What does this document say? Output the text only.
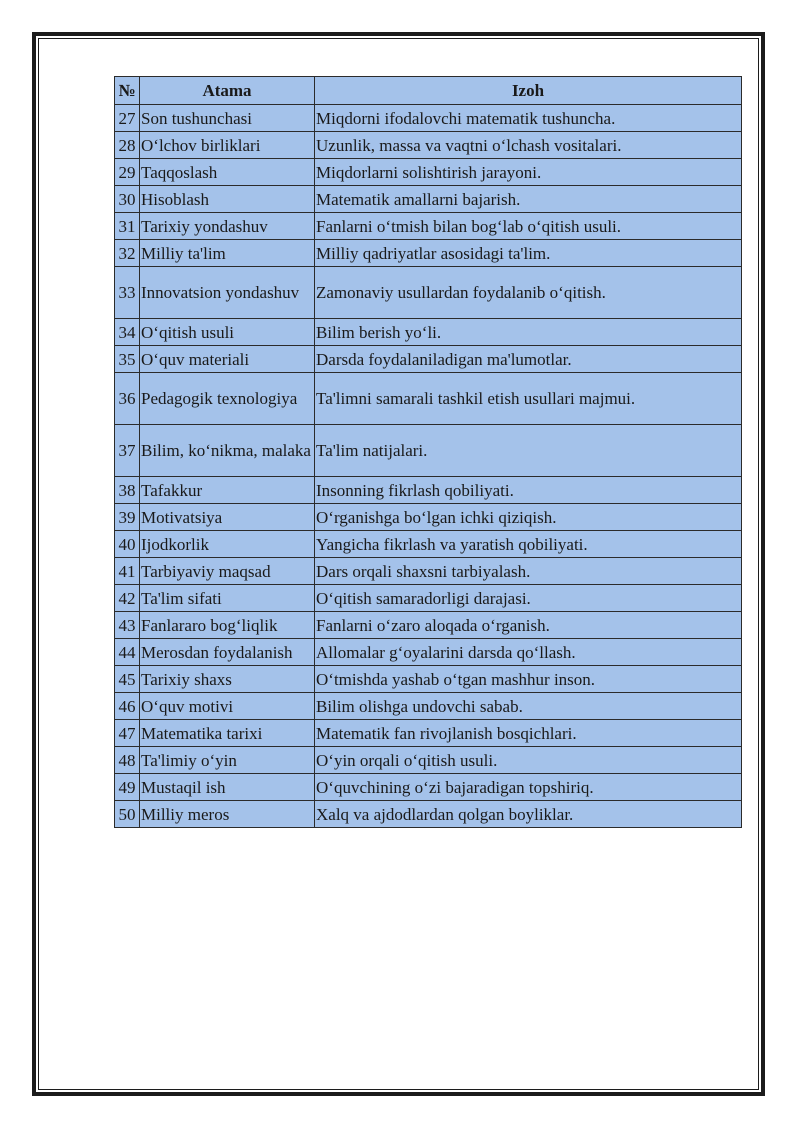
№	Atama	Izoh
27	Son tushunchasi	Miqdorni ifodalovchi matematik tushuncha.
28	O‘lchov birliklari	Uzunlik, massa va vaqtni o‘lchash vositalari.
29	Taqqoslash	Miqdorlarni solishtirish jarayoni.
30	Hisoblash	Matematik amallarni bajarish.
31	Tarixiy yondashuv	Fanlarni o‘tmish bilan bog‘lab o‘qitish usuli.
32	Milliy ta'lim	Milliy qadriyatlar asosidagi ta'lim.
33	Innovatsion yondashuv	Zamonaviy usullardan foydalanib o‘qitish.
34	O‘qitish usuli	Bilim berish yo‘li.
35	O‘quv materiali	Darsda foydalaniladigan ma'lumotlar.
36	Pedagogik texnologiya	Ta'limni samarali tashkil etish usullari majmui.
37	Bilim, ko‘nikma, malaka	Ta'lim natijalari.
38	Tafakkur	Insonning fikrlash qobiliyati.
39	Motivatsiya	O‘rganishga bo‘lgan ichki qiziqish.
40	Ijodkorlik	Yangicha fikrlash va yaratish qobiliyati.
41	Tarbiyaviy maqsad	Dars orqali shaxsni tarbiyalash.
42	Ta'lim sifati	O‘qitish samaradorligi darajasi.
43	Fanlararo bog‘liqlik	Fanlarni o‘zaro aloqada o‘rganish.
44	Merosdan foydalanish	Allomalar g‘oyalarini darsda qo‘llash.
45	Tarixiy shaxs	O‘tmishda yashab o‘tgan mashhur inson.
46	O‘quv motivi	Bilim olishga undovchi sabab.
47	Matematika tarixi	Matematik fan rivojlanish bosqichlari.
48	Ta'limiy o‘yin	O‘yin orqali o‘qitish usuli.
49	Mustaqil ish	O‘quvchining o‘zi bajaradigan topshiriq.
50	Milliy meros	Xalq va ajdodlardan qolgan boyliklar.
